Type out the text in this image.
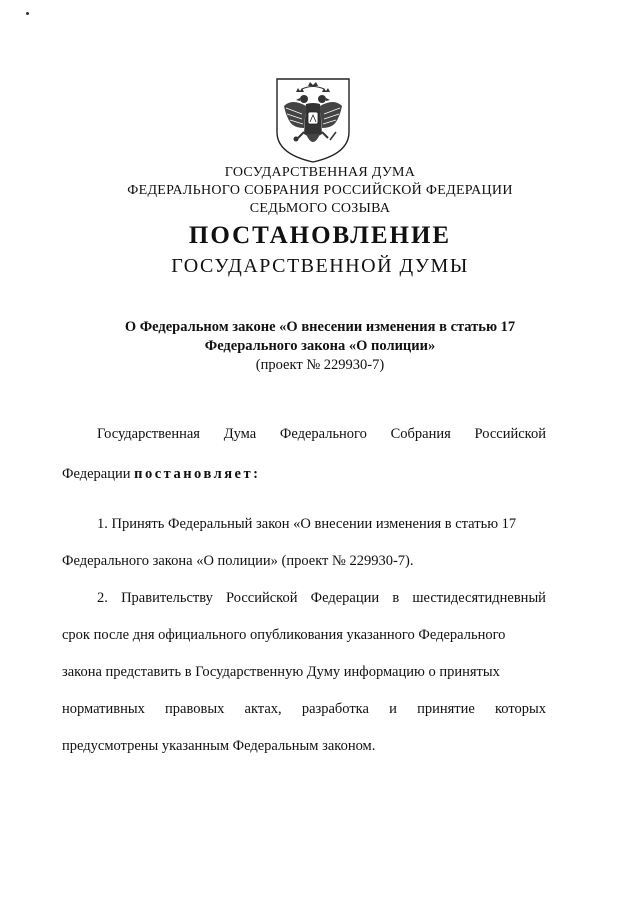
ГОСУДАРСТВЕННАЯ ДУМА
ФЕДЕРАЛЬНОГО СОБРАНИЯ РОССИЙСКОЙ ФЕДЕРАЦИИ
СЕДЬМОГО СОЗЫВА
ПОСТАНОВЛЕНИЕ
ГОСУДАРСТВЕННОЙ ДУМЫ
О Федеральном законе «О внесении изменения в статью 17
Федерального закона «О полиции»
(проект № 229930-7)
Государственная Дума Федерального Собрания Российской
Федерации постановляет:
1. Принять Федеральный закон «О внесении изменения в статью 17
Федерального закона «О полиции» (проект № 229930-7).
2. Правительству Российской Федерации в шестидесятидневный
срок после дня официального опубликования указанного Федерального
закона представить в Государственную Думу информацию о принятых
нормативных правовых актах, разработка и принятие которых
предусмотрены указанным Федеральным законом.
